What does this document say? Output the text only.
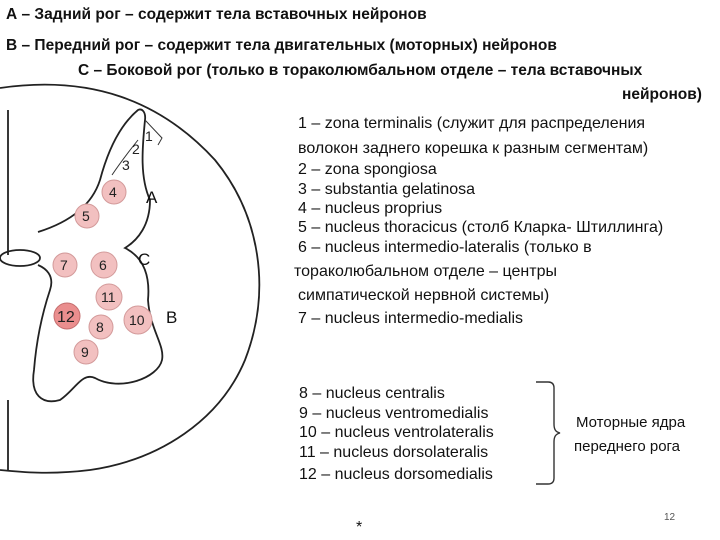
А – Задний рог – содержит тела вставочных нейронов
В – Передний рог – содержит тела двигательных (моторных) нейронов
С – Боковой рог (только в тораколюмбальном отделе – тела вставочных
нейронов)
1
2
3
4
5
6
7
8
9
10
11
12
А
В
С
1 – zona terminalis (служит для распределения
волокон заднего корешка к разным сегментам)
2 – zona spongiosa
3 – substantia gelatinosa
4 – nucleus proprius
5 – nucleus thoracicus (столб Кларка- Штиллинга)
6 – nucleus intermedio-lateralis (только в
тораколюбальном отделе – центры
симпатической нервной системы)
7 – nucleus intermedio-medialis
8 – nucleus centralis
9 – nucleus ventromedialis
10 – nucleus ventrolateralis
11 – nucleus dorsolateralis
12 – nucleus dorsomedialis
Моторные ядра
переднего рога
12
*
